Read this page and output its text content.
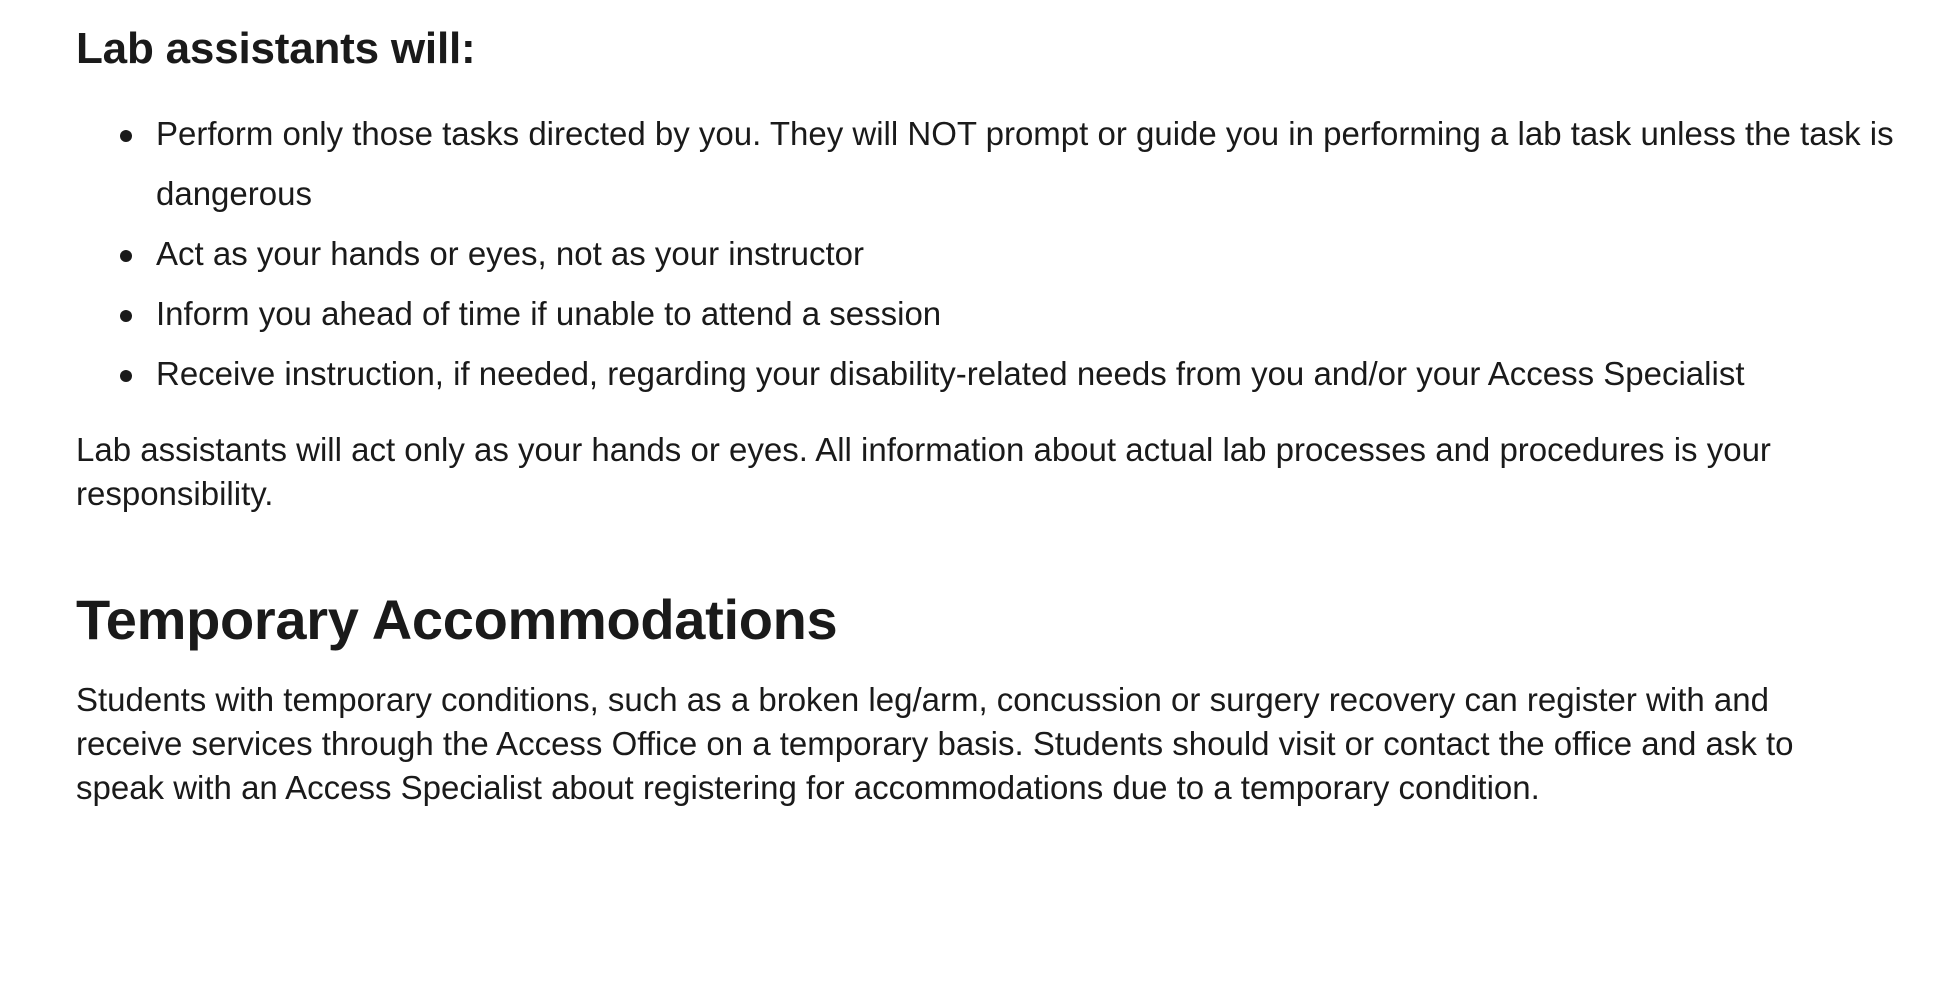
Lab assistants will:
Perform only those tasks directed by you. They will NOT prompt or guide you in performing a lab task unless the task is dangerous
Act as your hands or eyes, not as your instructor
Inform you ahead of time if unable to attend a session
Receive instruction, if needed, regarding your disability-related needs from you and/or your Access Specialist

Lab assistants will act only as your hands or eyes. All information about actual lab processes and procedures is your responsibility.

Temporary Accommodations

Students with temporary conditions, such as a broken leg/arm, concussion or surgery recovery can register with and receive services through the Access Office on a temporary basis. Students should visit or contact the office and ask to speak with an Access Specialist about registering for accommodations due to a temporary condition.
